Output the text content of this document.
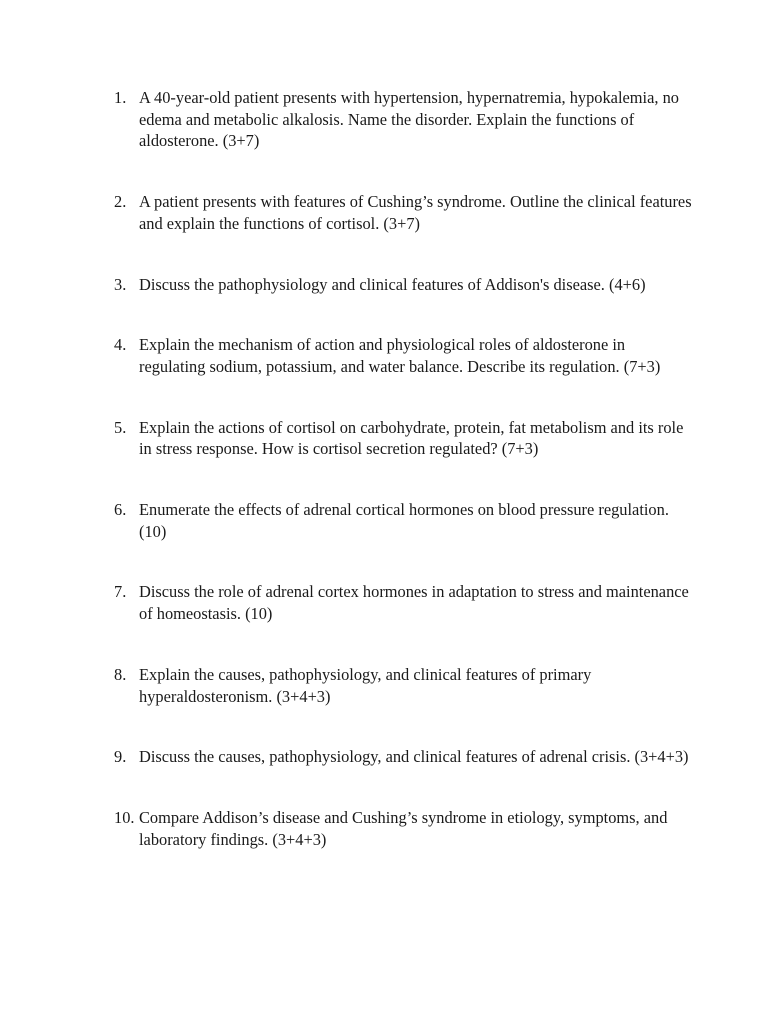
1. A 40-year-old patient presents with hypertension, hypernatremia, hypokalemia, no edema and metabolic alkalosis. Name the disorder. Explain the functions of aldosterone. (3+7)
2. A patient presents with features of Cushing’s syndrome. Outline the clinical features and explain the functions of cortisol. (3+7)
3. Discuss the pathophysiology and clinical features of Addison's disease. (4+6)
4. Explain the mechanism of action and physiological roles of aldosterone in regulating sodium, potassium, and water balance. Describe its regulation. (7+3)
5. Explain the actions of cortisol on carbohydrate, protein, fat metabolism and its role in stress response. How is cortisol secretion regulated? (7+3)
6. Enumerate the effects of adrenal cortical hormones on blood pressure regulation. (10)
7. Discuss the role of adrenal cortex hormones in adaptation to stress and maintenance of homeostasis. (10)
8. Explain the causes, pathophysiology, and clinical features of primary hyperaldosteronism. (3+4+3)
9. Discuss the causes, pathophysiology, and clinical features of adrenal crisis. (3+4+3)
10. Compare Addison’s disease and Cushing’s syndrome in etiology, symptoms, and laboratory findings. (3+4+3)
